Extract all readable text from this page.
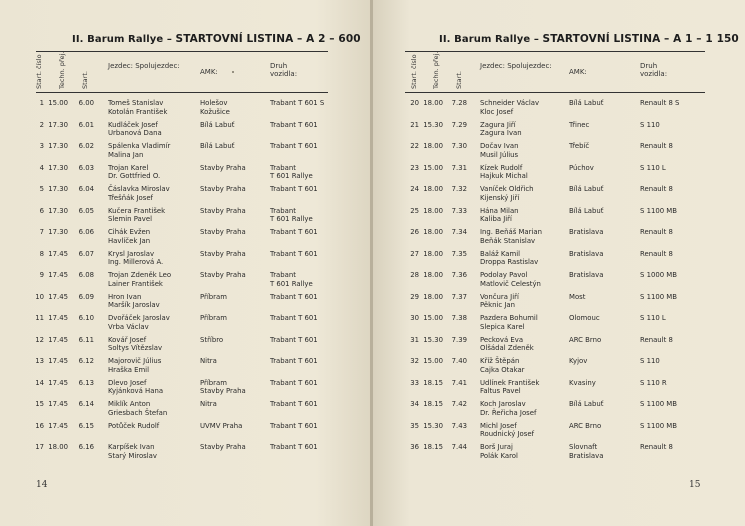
II. Barum Rallye – STARTOVNÍ LISTINA – A 2 – 600
Start. číslo Techn. přej. Start.
Jezdec: Spolujezdec:
AMK:
Druh vozidla:
1 15.00	6.00 Tomeš Stanislav	Holešov	Trabant T 601 S
Kotolán František	Kožušice
2 17.30	6.01 Kudláček Josef	Bílá Labuť	Trabant T 601
Urbanová Dana
3 17.30	6.02 Spálenka Vladimír	Bílá Labuť	Trabant T 601
Malina Jan
4 17.30	6.03 Trojan Karel	Stavby Praha	Trabant
Dr. Gottfried O.	T 601 Rallye
5 17.30	6.04 Čáslavka Miroslav	Stavby Praha	Trabant T 601
Třešňák Josef
6 17.30	6.05 Kučera František	Stavby Praha	Trabant
Slemin Pavel	T 601 Rallye
7 17.30	6.06 Cihák Evžen	Stavby Praha	Trabant T 601
Havlíček Jan
8 17.45	6.07 Krysl Jaroslav	Stavby Praha	Trabant T 601
Ing. Millerová A.
9 17.45	6.08 Trojan Zdeněk Leo	Stavby Praha	Trabant
Lainer František	T 601 Rallye
10 17.45	6.09 Hron Ivan	Příbram	Trabant T 601
Maršík Jaroslav
11 17.45	6.10 Dvořáček Jaroslav	Příbram	Trabant T 601
Vrba Václav
12 17.45	6.11 Kovář Josef	Stříbro	Trabant T 601
Soltys Vítězslav
13 17.45	6.12 Majorovič Július	Nitra	Trabant T 601
Hraška Emil
14 17.45	6.13 Dlevo Josef	Příbram	Trabant T 601
Kyjánková Hana	Stavby Praha
15 17.45	6.14 Miklík Anton	Nitra	Trabant T 601
Griesbach Štefan
16 17.45	6.15 Potůček Rudolf	UVMV Praha	Trabant T 601
17 18.00	6.16 Karpíšek Ivan	Stavby Praha	Trabant T 601
Starý Miroslav
14
II. Barum Rallye – STARTOVNÍ LISTINA – A 1 – 1 150
Start. číslo Techn. přej. Start.
Jezdec: Spolujezdec:
AMK:
Druh vozidla:
20 18.00	7.28 Schneider Václav	Bílá Labuť	Renault 8 S
Kloc Josef
21 15.30	7.29 Zagura Jiří	Třinec	S 110
Zagura Ivan
22 18.00	7.30 Dočav Ivan	Třebíč	Renault 8
Musil Július
23 15.00	7.31 Kízek Rudolf	Púchov	S 110 L
Hajkuk Michal
24 18.00	7.32 Vaníček Oldřich	Bílá Labuť	Renault 8
Kijenský Jiří
25 18.00	7.33 Hána Milan	Bílá Labuť	S 1100 MB
Kaliba Jiří
26 18.00	7.34 Ing. Beňáš Marian	Bratislava	Renault 8
Beňák Stanislav
27 18.00	7.35 Baláž Kamil	Bratislava	Renault 8
Droppa Rastislav
28 18.00	7.36 Podolay Pavol	Bratislava	S 1000 MB
Matlovič Celestýn
29 18.00	7.37 Vončura Jiří	Most	S 1100 MB
Pěknic Jan
30 15.00	7.38 Pazdera Bohumil	Olomouc	S 110 L
Slepica Karel
31 15.30	7.39 Pecková Eva	ARC Brno	Renault 8
Olšádal Zdeněk
32 15.00	7.40 Kříž Štěpán	Kyjov	S 110
Cajka Otakar
33 18.15	7.41 Udlínek František	Kvasiny	S 110 R
Faltus Pavel
34 18.15	7.42 Koch Jaroslav	Bílá Labuť	S 1100 MB
Dr. Řeřicha Josef
35 15.30	7.43 Michl Josef	ARC Brno	S 1100 MB
Roudnický Josef
36 18.15	7.44 Borš Juraj	Slovnaft	Renault 8
Polák Karol	Bratislava
15
